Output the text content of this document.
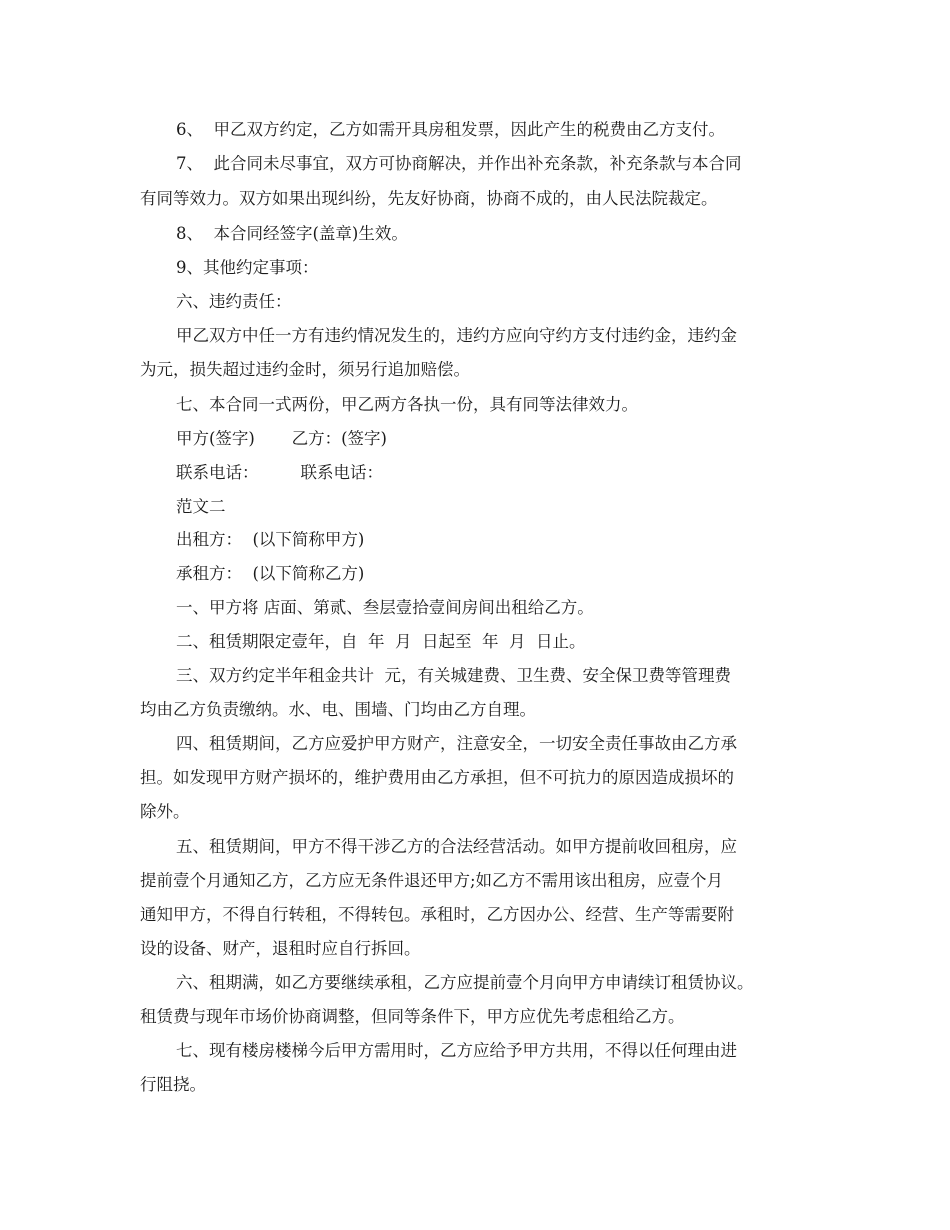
6、  甲乙双方约定，乙方如需开具房租发票，因此产生的税费由乙方支付。
7、  此合同未尽事宜，双方可协商解决，并作出补充条款，补充条款与本合同
有同等效力。双方如果出现纠纷，先友好协商，协商不成的，由人民法院裁定。
8、  本合同经签字(盖章)生效。
9、其他约定事项：
六、违约责任：
甲乙双方中任一方有违约情况发生的，违约方应向守约方支付违约金，违约金
为元，损失超过违约金时，须另行追加赔偿。
七、本合同一式两份，甲乙两方各执一份，具有同等法律效力。
甲方(签字)       乙方：(签字)
联系电话：        联系电话：
范文二
出租方：  (以下简称甲方)
承租方：  (以下简称乙方)
一、甲方将 店面、第贰、叁层壹拾壹间房间出租给乙方。
二、租赁期限定壹年，自  年  月  日起至  年  月  日止。
三、双方约定半年租金共计  元，有关城建费、卫生费、安全保卫费等管理费
均由乙方负责缴纳。水、电、围墙、门均由乙方自理。
四、租赁期间，乙方应爱护甲方财产，注意安全，一切安全责任事故由乙方承
担。如发现甲方财产损坏的，维护费用由乙方承担，但不可抗力的原因造成损坏的
除外。
五、租赁期间，甲方不得干涉乙方的合法经营活动。如甲方提前收回租房，应
提前壹个月通知乙方，乙方应无条件退还甲方;如乙方不需用该出租房，应壹个月
通知甲方，不得自行转租，不得转包。承租时，乙方因办公、经营、生产等需要附
设的设备、财产，退租时应自行拆回。
六、租期满，如乙方要继续承租，乙方应提前壹个月向甲方申请续订租赁协议。
租赁费与现年市场价协商调整，但同等条件下，甲方应优先考虑租给乙方。
七、现有楼房楼梯今后甲方需用时，乙方应给予甲方共用，不得以任何理由进
行阻挠。
